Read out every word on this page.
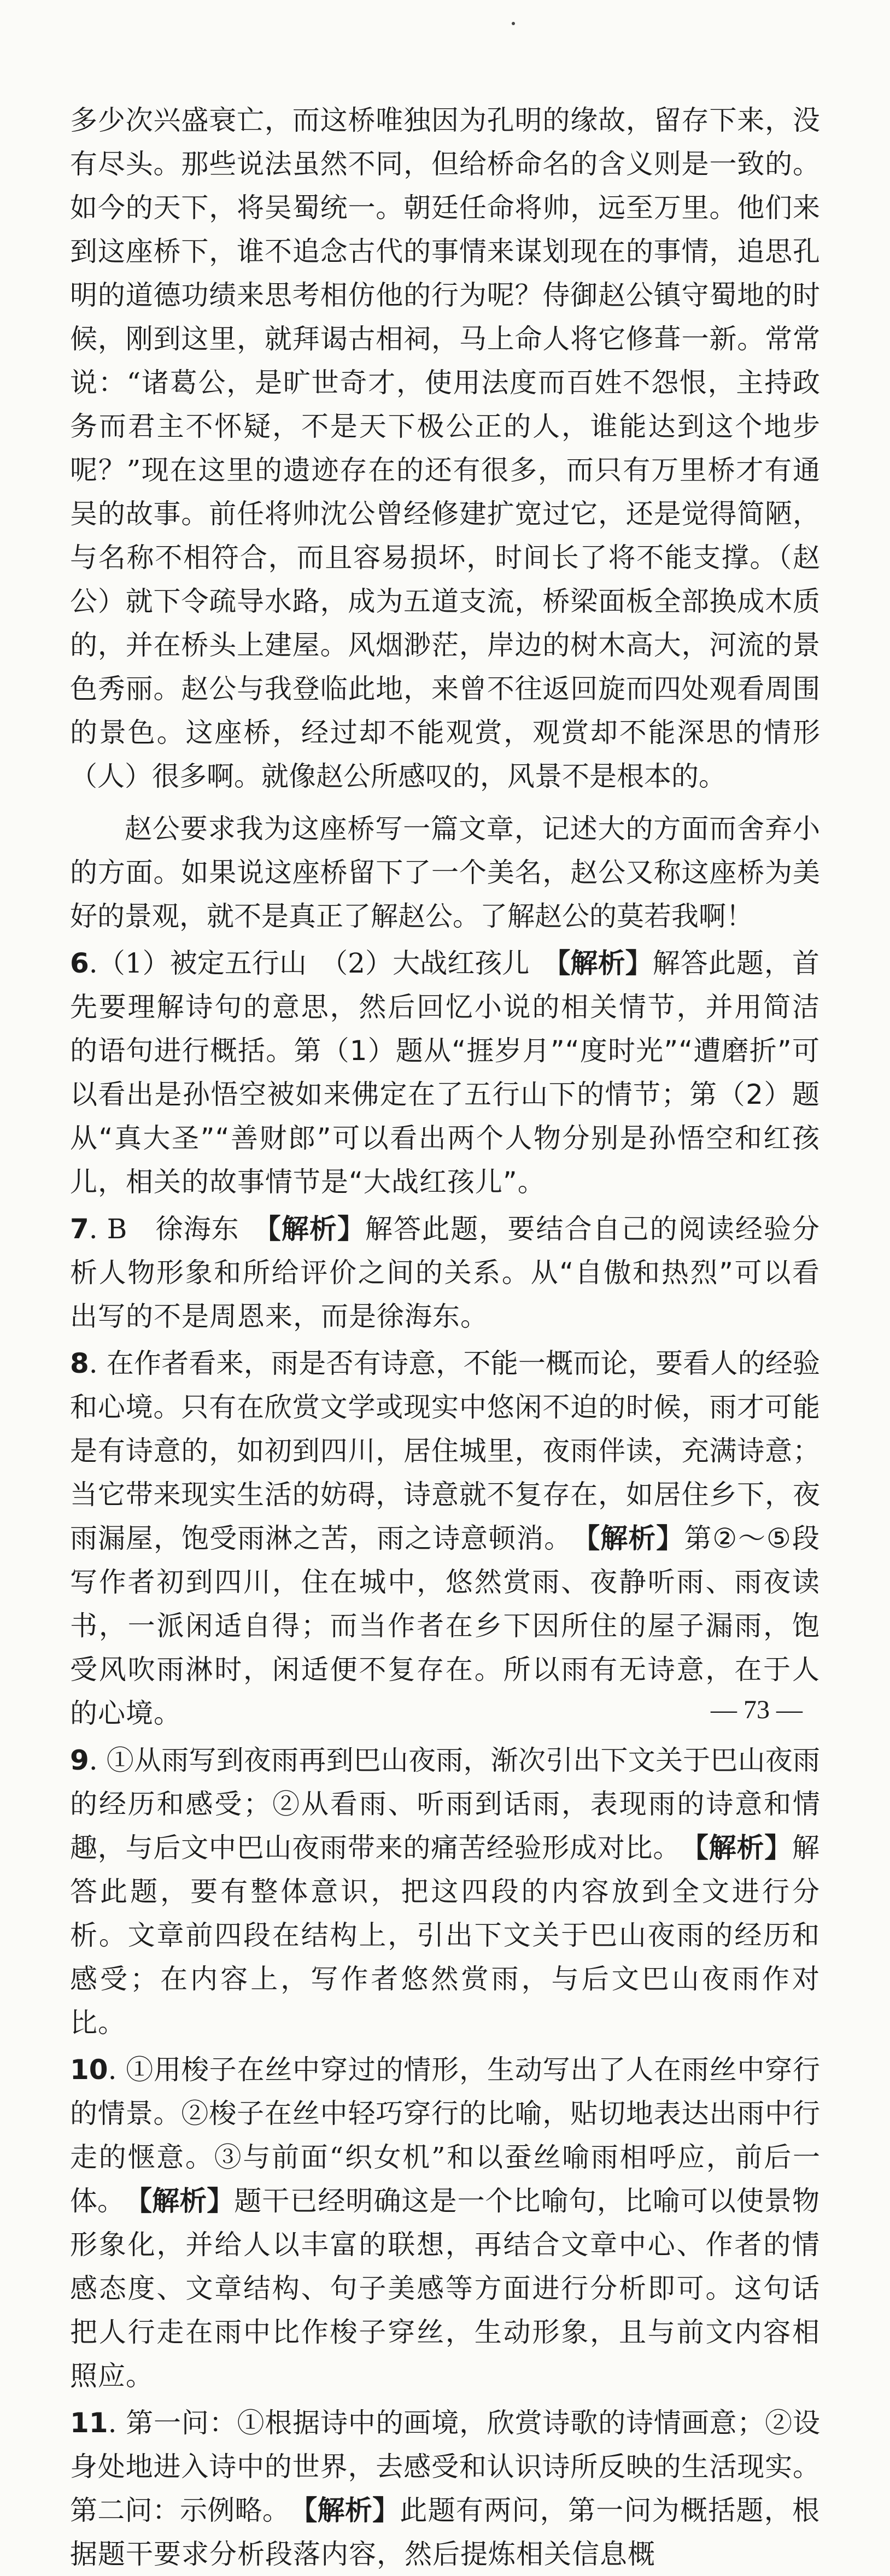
多少次兴盛衰亡，而这桥唯独因为孔明的缘故，留存下来，没有尽头。那些说法虽然不同，但给桥命名的含义则是一致的。如今的天下，将吴蜀统一。朝廷任命将帅，远至万里。他们来到这座桥下，谁不追念古代的事情来谋划现在的事情，追思孔明的道德功绩来思考相仿他的行为呢？侍御赵公镇守蜀地的时候，刚到这里，就拜谒古相祠，马上命人将它修葺一新。常常说：“诸葛公，是旷世奇才，使用法度而百姓不怨恨，主持政务而君主不怀疑，不是天下极公正的人，谁能达到这个地步呢？”现在这里的遗迹存在的还有很多，而只有万里桥才有通吴的故事。前任将帅沈公曾经修建扩宽过它，还是觉得简陋，与名称不相符合，而且容易损坏，时间长了将不能支撑。（赵公）就下令疏导水路，成为五道支流，桥梁面板全部换成木质的，并在桥头上建屋。风烟渺茫，岸边的树木高大，河流的景色秀丽。赵公与我登临此地，来曾不往返回旋而四处观看周围的景色。这座桥，经过却不能观赏，观赏却不能深思的情形（人）很多啊。就像赵公所感叹的，风景不是根本的。

赵公要求我为这座桥写一篇文章，记述大的方面而舍弃小的方面。如果说这座桥留下了一个美名，赵公又称这座桥为美好的景观，就不是真正了解赵公。了解赵公的莫若我啊！

6.（1）被定五行山　（2）大战红孩儿　【解析】解答此题，首先要理解诗句的意思，然后回忆小说的相关情节，并用简洁的语句进行概括。第（1）题从“捱岁月”“度时光”“遭磨折”可以看出是孙悟空被如来佛定在了五行山下的情节；第（2）题从“真大圣”“善财郎”可以看出两个人物分别是孙悟空和红孩儿，相关的故事情节是“大战红孩儿”。

7. B　徐海东　【解析】解答此题，要结合自己的阅读经验分析人物形象和所给评价之间的关系。从“自傲和热烈”可以看出写的不是周恩来，而是徐海东。

8. 在作者看来，雨是否有诗意，不能一概而论，要看人的经验和心境。只有在欣赏文学或现实中悠闲不迫的时候，雨才可能是有诗意的，如初到四川，居住城里，夜雨伴读，充满诗意；当它带来现实生活的妨碍，诗意就不复存在，如居住乡下，夜雨漏屋，饱受雨淋之苦，雨之诗意顿消。　【解析】第②～⑤段写作者初到四川，住在城中，悠然赏雨、夜静听雨、雨夜读书，一派闲适自得；而当作者在乡下因所住的屋子漏雨，饱受风吹雨淋时，闲适便不复存在。所以雨有无诗意，在于人的心境。

9. ①从雨写到夜雨再到巴山夜雨，渐次引出下文关于巴山夜雨的经历和感受；②从看雨、听雨到话雨，表现雨的诗意和情趣，与后文中巴山夜雨带来的痛苦经验形成对比。　【解析】解答此题，要有整体意识，把这四段的内容放到全文进行分析。文章前四段在结构上，引出下文关于巴山夜雨的经历和感受；在内容上，写作者悠然赏雨，与后文巴山夜雨作对比。

10. ①用梭子在丝中穿过的情形，生动写出了人在雨丝中穿行的情景。②梭子在丝中轻巧穿行的比喻，贴切地表达出雨中行走的惬意。③与前面“织女机”和以蚕丝喻雨相呼应，前后一体。　【解析】题干已经明确这是一个比喻句，比喻可以使景物形象化，并给人以丰富的联想，再结合文章中心、作者的情感态度、文章结构、句子美感等方面进行分析即可。这句话把人行走在雨中比作梭子穿丝，生动形象，且与前文内容相照应。

11. 第一问：①根据诗中的画境，欣赏诗歌的诗情画意；②设身处地进入诗中的世界，去感受和认识诗所反映的生活现实。第二问：示例略。　【解析】此题有两问，第一问为概括题，根据题干要求分析段落内容，然后提炼相关信息概

— 73 —
